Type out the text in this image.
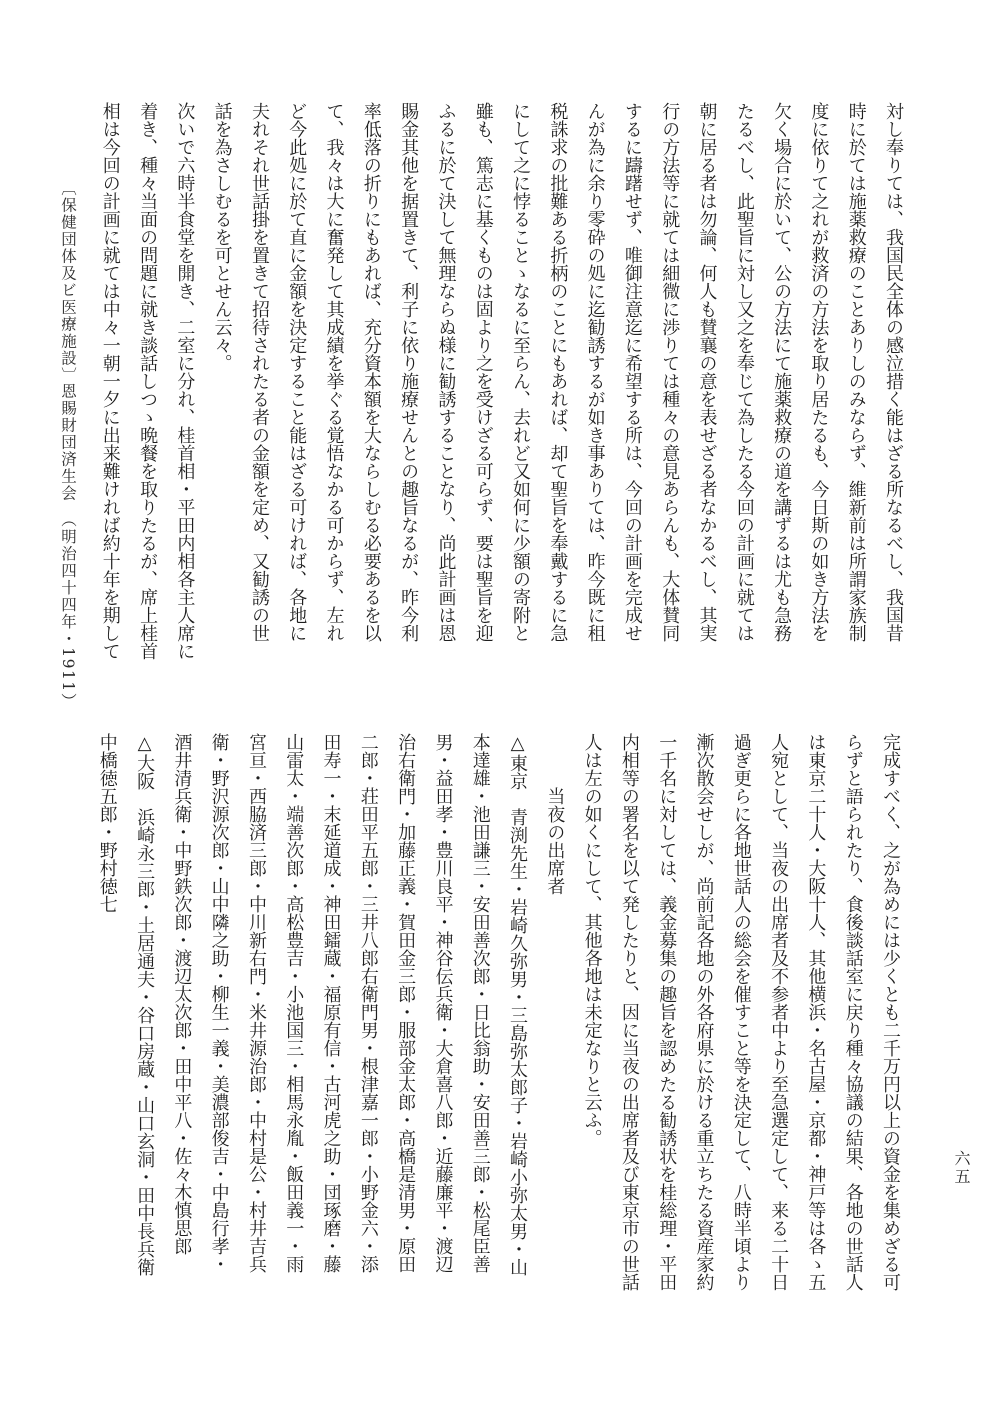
〔保健団体及ビ医療施設〕
恩賜財団済生会　（明治四十四年・1911）
六五
対し奉りては、我国民全体の感泣措く能はざる所なるべし、我国昔
時に於ては施薬救療のことありしのみならず、維新前は所謂家族制
度に依りて之れが救済の方法を取り居たるも、今日斯の如き方法を
欠く場合に於いて、公の方法にて施薬救療の道を講ずるは尤も急務
たるべし、此聖旨に対し又之を奉じて為したる今回の計画に就ては
朝に居る者は勿論、何人も賛襄の意を表せざる者なかるべし、其実
行の方法等に就ては細微に渉りては種々の意見あらんも、大体賛同
するに躊躇せず、唯御注意迄に希望する所は、今回の計画を完成せ
んが為に余り零砕の処に迄勧誘するが如き事ありては、昨今既に租
税誅求の批難ある折柄のことにもあれば、却て聖旨を奉戴するに急
にして之に悖ることゝなるに至らん、去れど又如何に少額の寄附と
雖も、篤志に基くものは固より之を受けざる可らず、要は聖旨を迎
ふるに於て決して無理ならぬ様に勧誘することなり、尚此計画は恩
賜金其他を据置きて、利子に依り施療せんとの趣旨なるが、昨今利
率低落の折りにもあれば、充分資本額を大ならしむる必要あるを以
て、我々は大に奮発して其成績を挙ぐる覚悟なかる可からず、左れ
ど今此処に於て直に金額を決定すること能はざる可ければ、各地に
夫れそれ世話掛を置きて招待されたる者の金額を定め、又勧誘の世
話を為さしむるを可とせん云々。
次いで六時半食堂を開き、二室に分れ、桂首相・平田内相各主人席に
着き、種々当面の問題に就き談話しつゝ晩餐を取りたるが、席上桂首
相は今回の計画に就ては中々一朝一夕に出来難ければ約十年を期して
完成すべく、之が為めには少くとも二千万円以上の資金を集めざる可
らずと語られたり、食後談話室に戻り種々協議の結果、各地の世話人
は東京二十人・大阪十人、其他横浜・名古屋・京都・神戸等は各ゝ五
人宛として、当夜の出席者及不参者中より至急選定して、来る二十日
過ぎ更らに各地世話人の総会を催すこと等を決定して、八時半頃より
漸次散会せしが、尚前記各地の外各府県に於ける重立ちたる資産家約
一千名に対しては、義金募集の趣旨を認めたる勧誘状を桂総理・平田
内相等の署名を以て発したりと、因に当夜の出席者及び東京市の世話
人は左の如くにして、其他各地は未定なりと云ふ。
当夜の出席者
△東京　青渕先生・岩崎久弥男・三島弥太郎子・岩崎小弥太男・山
本達雄・池田謙三・安田善次郎・日比翁助・安田善三郎・松尾臣善
男・益田孝・豊川良平・神谷伝兵衛・大倉喜八郎・近藤廉平・渡辺
治右衛門・加藤正義・賀田金三郎・服部金太郎・高橋是清男・原田
二郎・荘田平五郎・三井八郎右衛門男・根津嘉一郎・小野金六・添
田寿一・末延道成・神田鐳蔵・福原有信・古河虎之助・団琢磨・藤
山雷太・端善次郎・高松豊吉・小池国三・相馬永胤・飯田義一・雨
宮亘・西脇済三郎・中川新右門・米井源治郎・中村是公・村井吉兵
衛・野沢源次郎・山中隣之助・柳生一義・美濃部俊吉・中島行孝・
酒井清兵衛・中野鉄次郎・渡辺太次郎・田中平八・佐々木慎思郎
△大阪　浜崎永三郎・土居通夫・谷口房蔵・山口玄洞・田中長兵衛
中橋徳五郎・野村徳七
